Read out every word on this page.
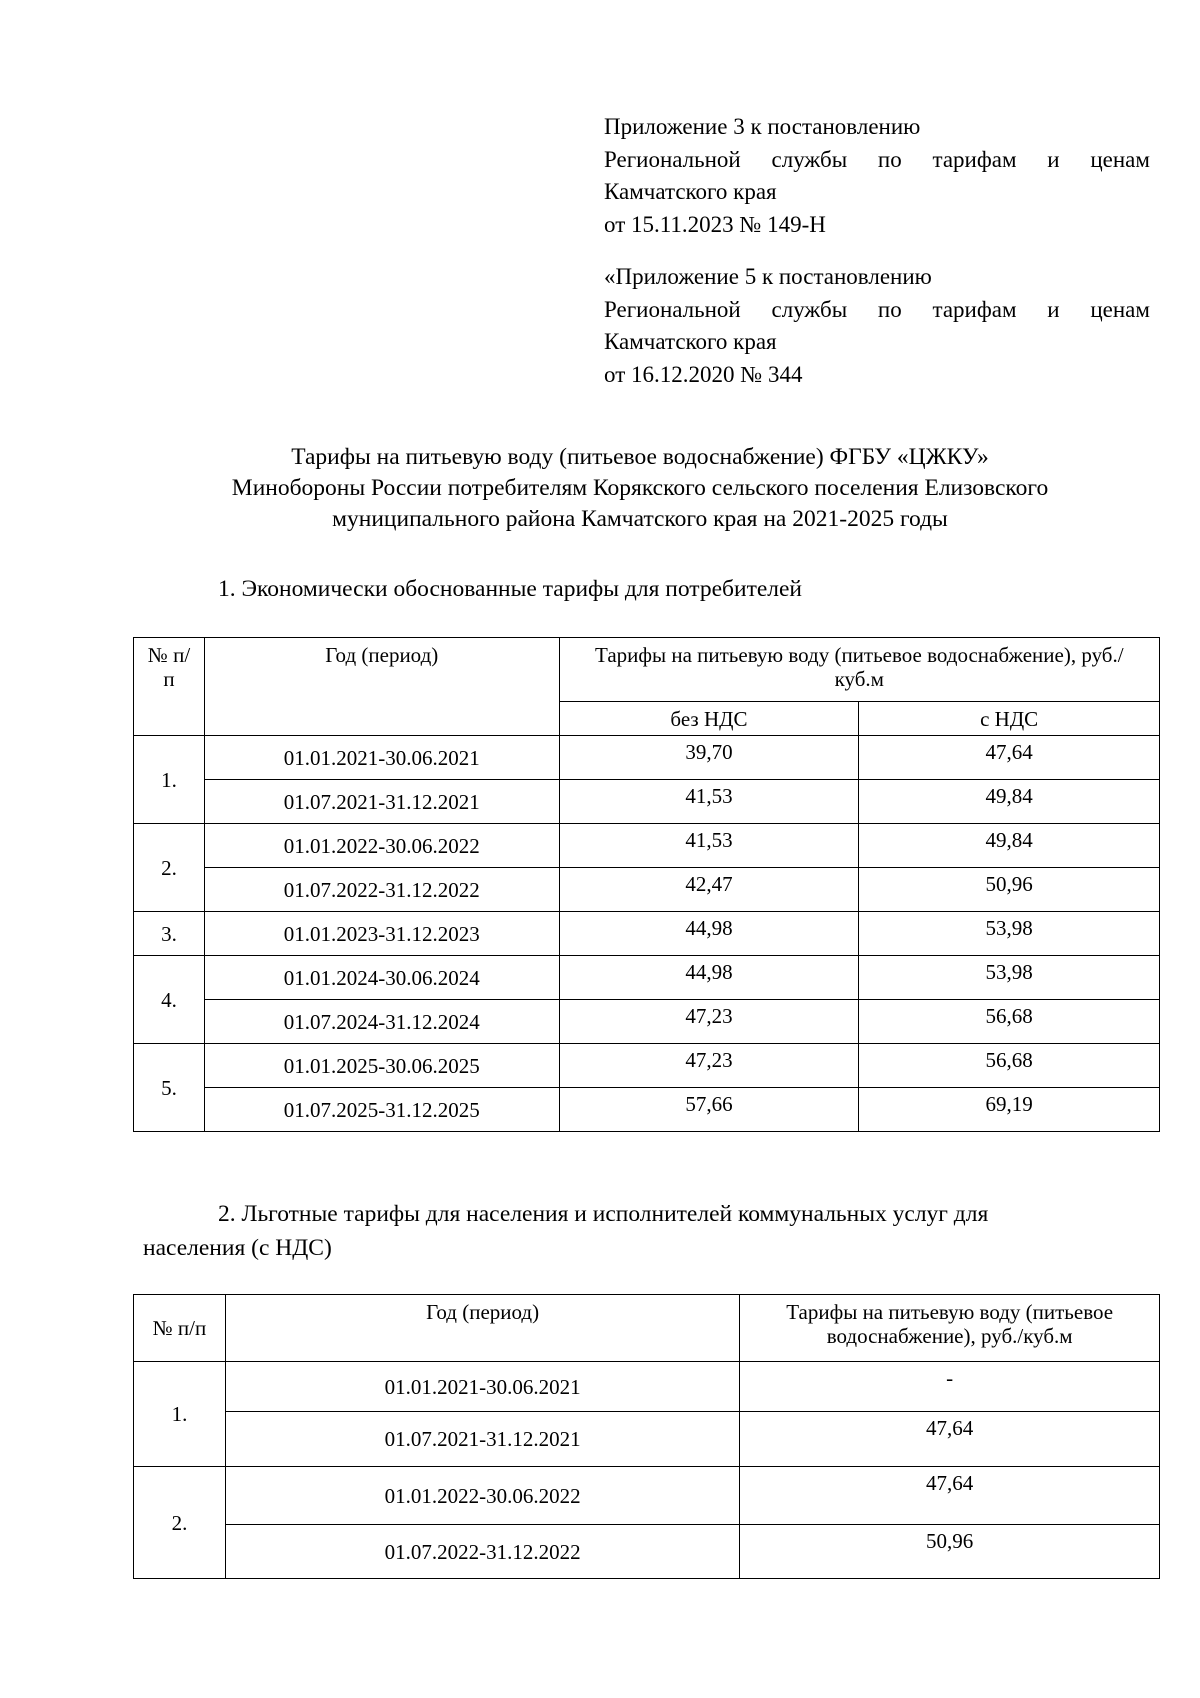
Приложение 3 к постановлению
Региональной службы по тарифам и ценам
Камчатского края
от 15.11.2023 № 149-Н
«Приложение 5 к постановлению
Региональной службы по тарифам и ценам
Камчатского края
от 16.12.2020 № 344
Тарифы на питьевую воду (питьевое водоснабжение) ФГБУ «ЦЖКУ»
Минобороны России потребителям Корякского сельского поселения Елизовского
муниципального района Камчатского края на 2021-2025 годы
1. Экономически обоснованные тарифы для потребителей
№ п/п	Год (период)	Тарифы на питьевую воду (питьевое водоснабжение), руб./куб.м	
		без НДС	с НДС
1.	01.01.2021-30.06.2021	39,70	47,64
	01.07.2021-31.12.2021	41,53	49,84
2.	01.01.2022-30.06.2022	41,53	49,84
	01.07.2022-31.12.2022	42,47	50,96
3.	01.01.2023-31.12.2023	44,98	53,98
4.	01.01.2024-30.06.2024	44,98	53,98
	01.07.2024-31.12.2024	47,23	56,68
5.	01.01.2025-30.06.2025	47,23	56,68
	01.07.2025-31.12.2025	57,66	69,19
2. Льготные тарифы для населения и исполнителей коммунальных услуг для
населения (с НДС)
№ п/п	Год (период)	Тарифы на питьевую воду (питьевое водоснабжение), руб./куб.м
1.	01.01.2021-30.06.2021	-
	01.07.2021-31.12.2021	47,64
2.	01.01.2022-30.06.2022	47,64
	01.07.2022-31.12.2022	50,96
